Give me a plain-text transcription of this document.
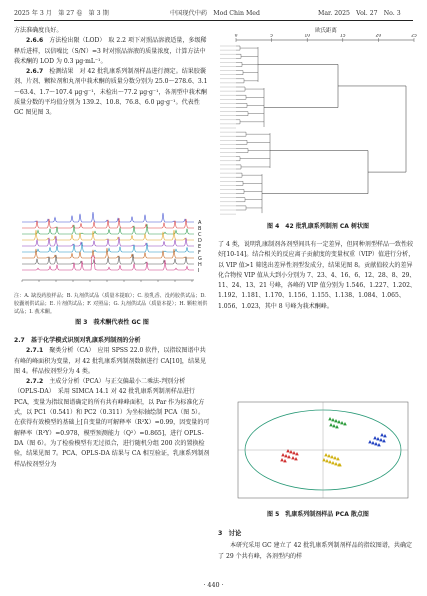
2025 年 3 月　第 27 卷　第 3 期	中国现代中药　Mod Chin Med	Mar. 2025　Vol. 27　No. 3

方法准确度良好。

2.6.6　方法检出限（LOD）　取 2.2 项下对照品溶液适量，多级稀释后进样，以信噪比（S/N）=3 时对照品溶液的质量浓度，计算方法中莪术酮的 LOD 为 0.3 μg·mL⁻¹。

2.6.7　检测结果　对 42 批乳康系列制剂样品进行测定。结果胶囊剂、片剂、颗粒剂和丸剂中莪术酮的质量分数分别为 25.0～278.6、3.1～63.4、1.7～107.4 μg·g⁻¹，未检出～77.2 μg·g⁻¹，各剂型中莪术酮质量分数的平均值分别为 139.2、10.8、76.8、6.0 μg·g⁻¹。代表性 GC 图见图 3。

A
B
C
D
E
F
G
H
I
注：A. 缺没药胶样品；B. 丸剂供试品（质量本提取）；C. 胶乳香、没药胶供试品；D. 胶囊剂供试品；E. 片剂供试品；F. 对照品；G. 丸剂供试品（质量本提）；H. 颗粒剂供试品；I. 莪术酮。
图 3　莪术酮代表性 GC 图

2.7　基于化学模式识别对乳康系列制剂的分析

2.7.1　聚类分析（CA）　应用 SPSS 22.0 软件，以指纹图谱中共有峰的峰面积为变量，对 42 批乳康系列制剂数据进行 CA[10]，结果见图 4。样品按剂型分为 4 类。

2.7.2　主成分分析（PCA）与正交偏最小二乘法-判别分析（OPLS-DA）　采用 SIMCA 14.1 对 42 批乳康系列制剂样品进行 PCA，变量为指纹图谱确定的所有共有峰峰面积，以 Par 作为标准化方式，以 PC1（0.541）和 PC2（0.311）为坐标轴绘制 PCA（图 5）。在获得有效模型的基础上[自变量的可解释率（R²X）=0.99，因变量的可解释率（R²Y）=0.978，模型预测能力（Q²）=0.865]，进行 OPLS-DA（图 6）。为了检验模型有无过拟合，进行随机分组 200 次的置换检验，结果见图 7。PCA、OPLS-DA 结果与 CA 相互验证，乳康系列制剂样品按剂型分为

欧氏距离
0	5	10	15	20	25
图 4　42 批乳康系列制剂 CA 树状图

了 4 类，说明乳康制剂各剂型间具有一定差异，但同种剂型样品一致性较好[10-14]。结合相关的反应离子贡献度的变量权重（VIP）值进行分析，以 VIP 值>1 筛选出差异性剂型发成分，结果见图 8。贡献值较大的差异化合物按 VIP 值从大到小分别为 7、23、4、16、6、12、28、8、29、11、24、13、21 号峰，各峰的 VIP 值分别为 1.546、1.227、1.202、1.192、1.181、1.170、1.156、1.155、1.138、1.084、1.065、1.056、1.023，其中 8 号峰为莪术酮峰。

图 5　乳康系列制剂样品 PCA 散点图

3　讨论

本研究采用 GC 建立了 42 批乳康系列制剂样品的指纹图谱，共确定了 29 个共有峰，各剂型内的样

· 440 ·
